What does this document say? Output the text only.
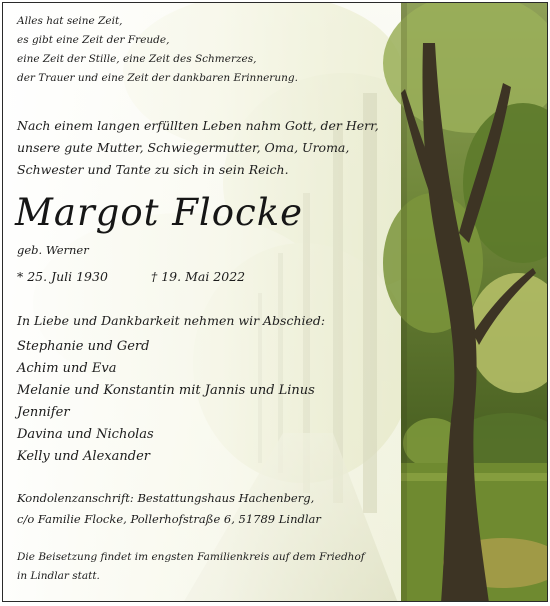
Alles hat seine Zeit,
es gibt eine Zeit der Freude,
eine Zeit der Stille, eine Zeit des Schmerzes,
der Trauer und eine Zeit der dankbaren Erinnerung.
Nach einem langen erfüllten Leben nahm Gott, der Herr,
unsere gute Mutter, Schwiegermutter, Oma, Uroma,
Schwester und Tante zu sich in sein Reich.
Margot Flocke
geb. Werner
* 25. Juli 1930	† 19. Mai 2022
In Liebe und Dankbarkeit nehmen wir Abschied:
Stephanie und Gerd
Achim und Eva
Melanie und Konstantin mit Jannis und Linus
Jennifer
Davina und Nicholas
Kelly und Alexander
Kondolenzanschrift: Bestattungshaus Hachenberg,
c/o Familie Flocke, Pollerhofstraße 6, 51789 Lindlar
Die Beisetzung findet im engsten Familienkreis auf dem Friedhof
in Lindlar statt.
